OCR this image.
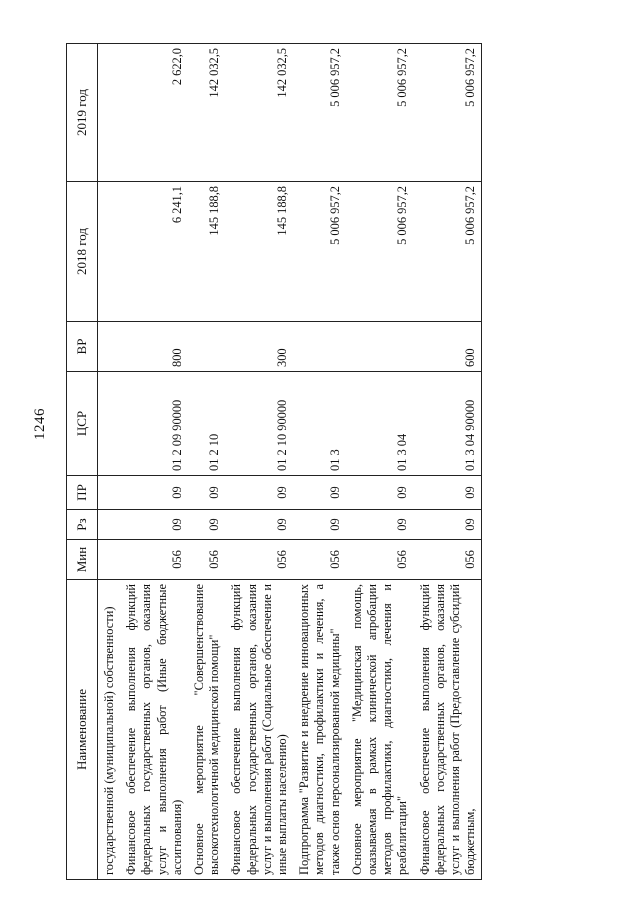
1246
Наименование	Мин	Рз	ПР	ЦСР	ВР	2018 год	2019 год
государственной (муниципальной) собственности)							
Финансовое обеспечение выполнения функций федеральных государственных органов, оказания услуг и выполнения работ (Иные бюджетные ассигнования)	056	09	09	01 2 09 90000	800	6 241,1	2 622,0
Основное мероприятие "Совершенствование высокотехнологичной медицинской помощи"	056	09	09	01 2 10		145 188,8	142 032,5
Финансовое обеспечение выполнения функций федеральных государственных органов, оказания услуг и выполнения работ (Социальное обеспечение и иные выплаты населению)	056	09	09	01 2 10 90000	300	145 188,8	142 032,5
Подпрограмма "Развитие и внедрение инновационных методов диагностики, профилактики и лечения, а также основ персонализированной медицины"	056	09	09	01 3		5 006 957,2	5 006 957,2
Основное мероприятие "Медицинская помощь, оказываемая в рамках клинической апробации методов профилактики, диагностики, лечения и реабилитации"	056	09	09	01 3 04		5 006 957,2	5 006 957,2
Финансовое обеспечение выполнения функций федеральных государственных органов, оказания услуг и выполнения работ (Предоставление субсидий бюджетным,	056	09	09	01 3 04 90000	600	5 006 957,2	5 006 957,2
